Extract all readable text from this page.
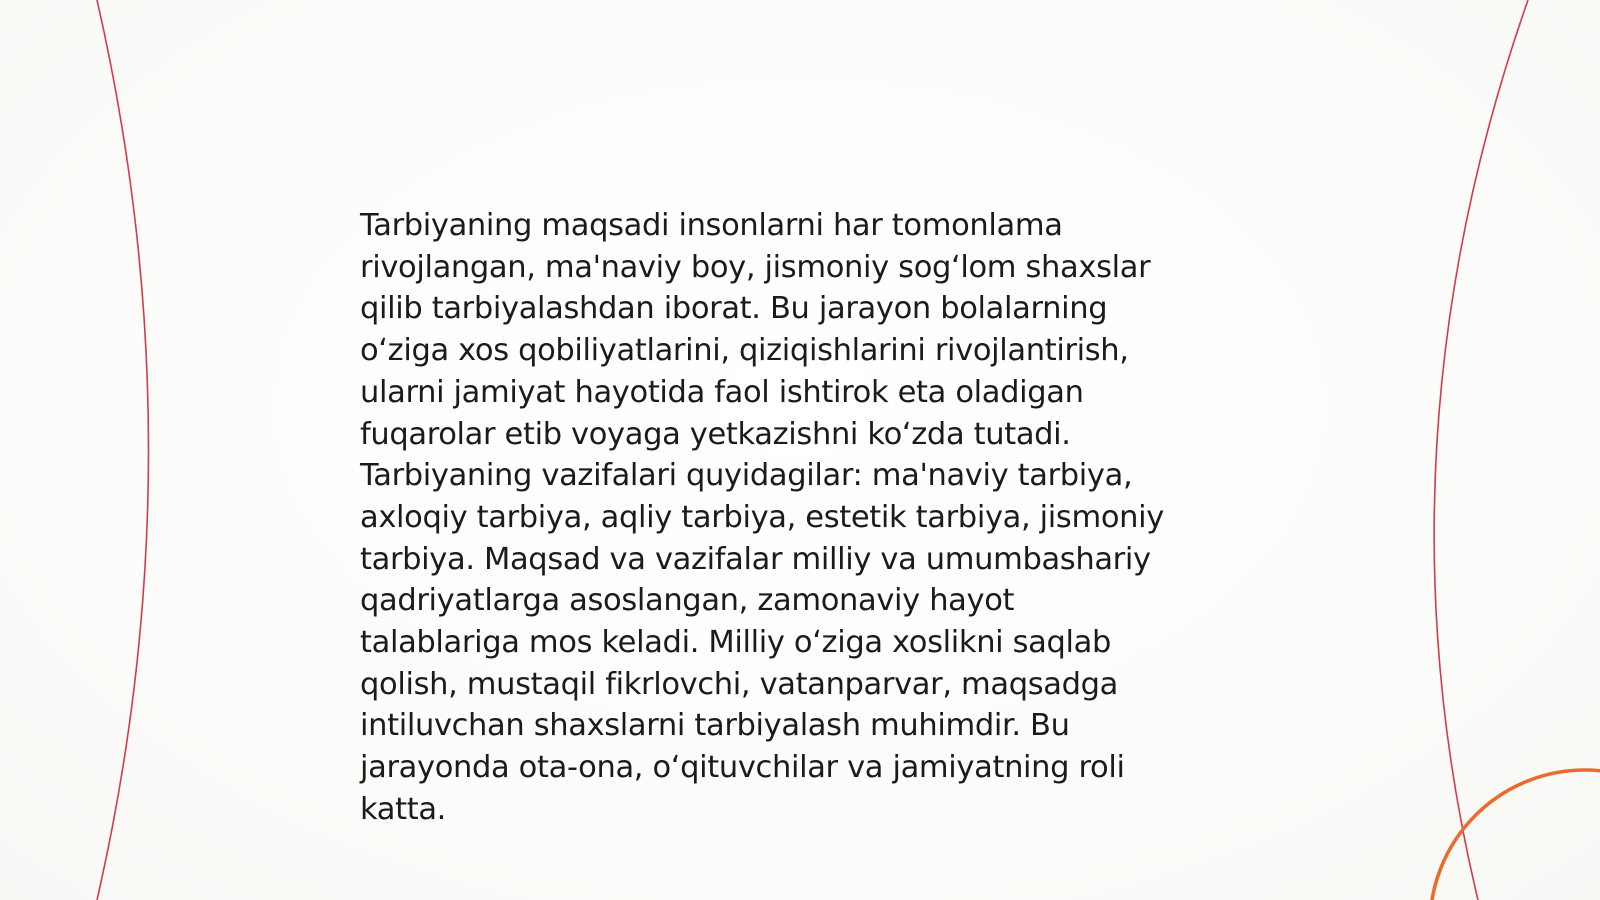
Tarbiyaning maqsadi insonlarni har tomonlama
rivojlangan, ma'naviy boy, jismoniy sog‘lom shaxslar
qilib tarbiyalashdan iborat. Bu jarayon bolalarning
o‘ziga xos qobiliyatlarini, qiziqishlarini rivojlantirish,
ularni jamiyat hayotida faol ishtirok eta oladigan
fuqarolar etib voyaga yetkazishni ko‘zda tutadi.
Tarbiyaning vazifalari quyidagilar: ma'naviy tarbiya,
axloqiy tarbiya, aqliy tarbiya, estetik tarbiya, jismoniy
tarbiya. Maqsad va vazifalar milliy va umumbashariy
qadriyatlarga asoslangan, zamonaviy hayot
talablariga mos keladi. Milliy o‘ziga xoslikni saqlab
qolish, mustaqil fikrlovchi, vatanparvar, maqsadga
intiluvchan shaxslarni tarbiyalash muhimdir. Bu
jarayonda ota-ona, o‘qituvchilar va jamiyatning roli
katta.
